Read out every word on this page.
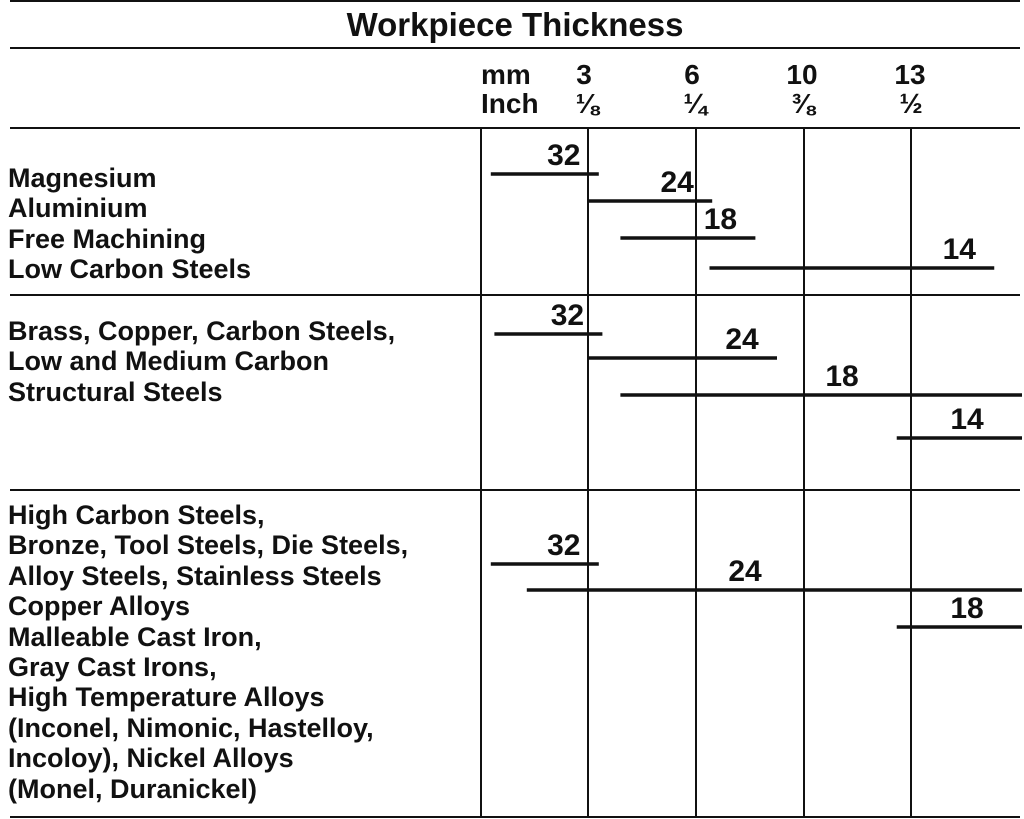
Workpiece Thickness
mm
Inch
3
⅛
6
¼
10
⅜
13
½
Magnesium
Aluminium
Free Machining
Low Carbon Steels
Brass, Copper, Carbon Steels,
Low and Medium Carbon
Structural Steels
High Carbon Steels,
Bronze, Tool Steels, Die Steels,
Alloy Steels, Stainless Steels
Copper Alloys
Malleable Cast Iron,
Gray Cast Irons,
High Temperature Alloys
(Inconel, Nimonic, Hastelloy,
Incoloy), Nickel Alloys
(Monel, Duranickel)
32
24
18
14
32
24
18
14
32
24
18
